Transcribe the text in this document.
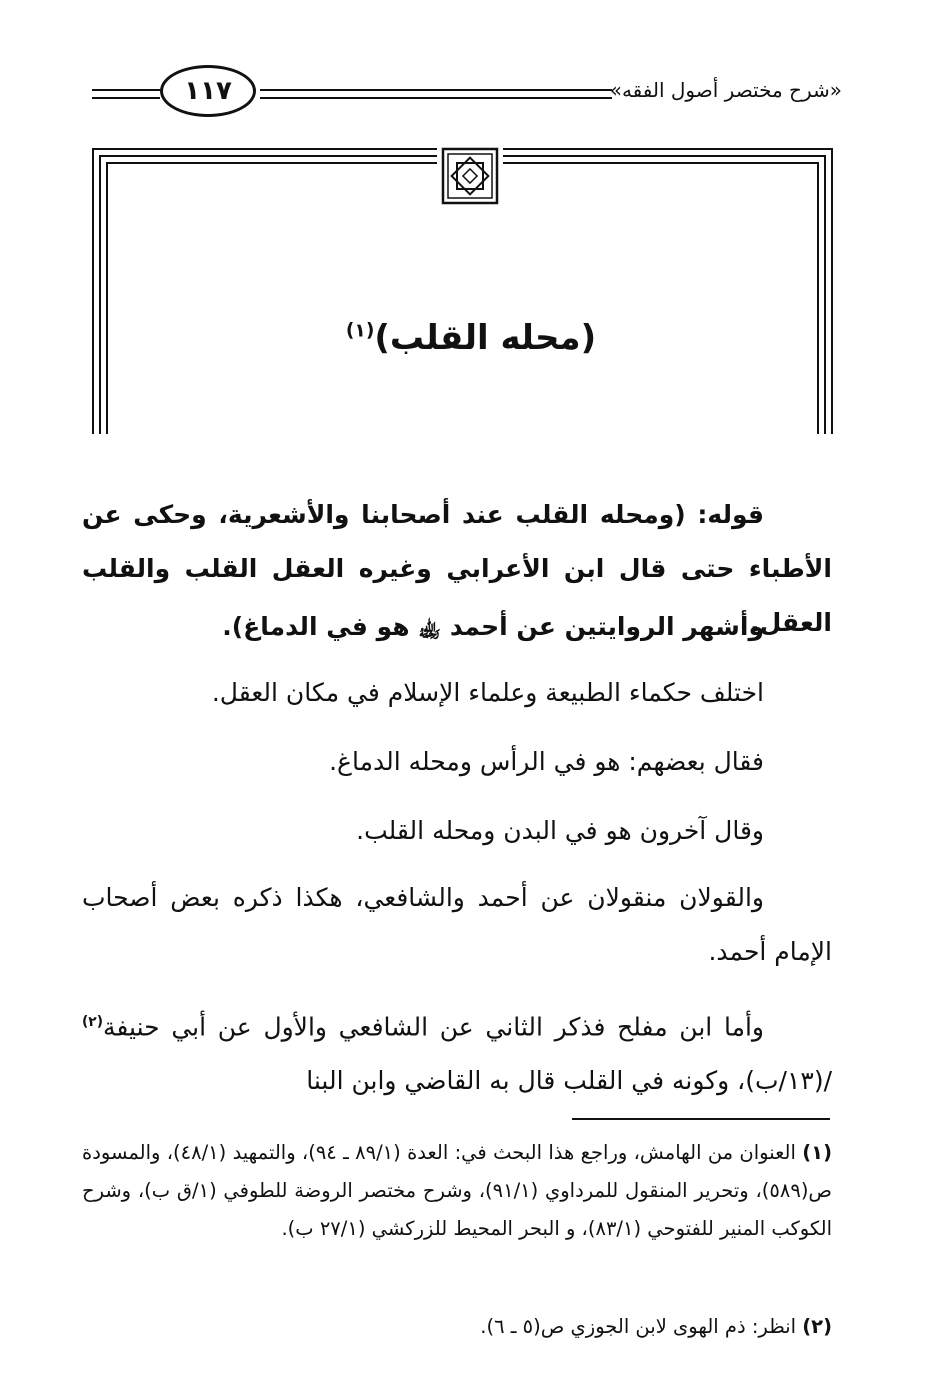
«شرح مختصر أصول الفقه»
١١٧
(محله القلب)$^{(١)}$
قوله: (ومحله القلب عند أصحابنا والأشعرية، وحكى عن الأطباء حتى قال ابن الأعرابي وغيره العقل القلب والقلب العقل.
وأشهر الروايتين عن أحمد ﵀ هو في الدماغ).
اختلف حكماء الطبيعة وعلماء الإسلام في مكان العقل.
فقال بعضهم: هو في الرأس ومحله الدماغ.
وقال آخرون هو في البدن ومحله القلب.
والقولان منقولان عن أحمد والشافعي، هكذا ذكره بعض أصحاب الإمام أحمد.
وأما ابن مفلح فذكر الثاني عن الشافعي والأول عن أبي حنيفة$^{(٢)}$ /(١٣/ب)، وكونه في القلب قال به القاضي وابن البنا
(١) العنوان من الهامش، وراجع هذا البحث في: العدة (٨٩/١ ـ ٩٤)، والتمهيد (٤٨/١)، والمسودة ص(٥٨٩)، وتحرير المنقول للمرداوي (٩١/١)، وشرح مختصر الروضة للطوفي (١/ق ب)، وشرح الكوكب المنير للفتوحي (٨٣/١)، و البحر المحيط للزركشي (٢٧/١ ب).
(٢) انظر: ذم الهوى لابن الجوزي ص(٥ ـ ٦).
